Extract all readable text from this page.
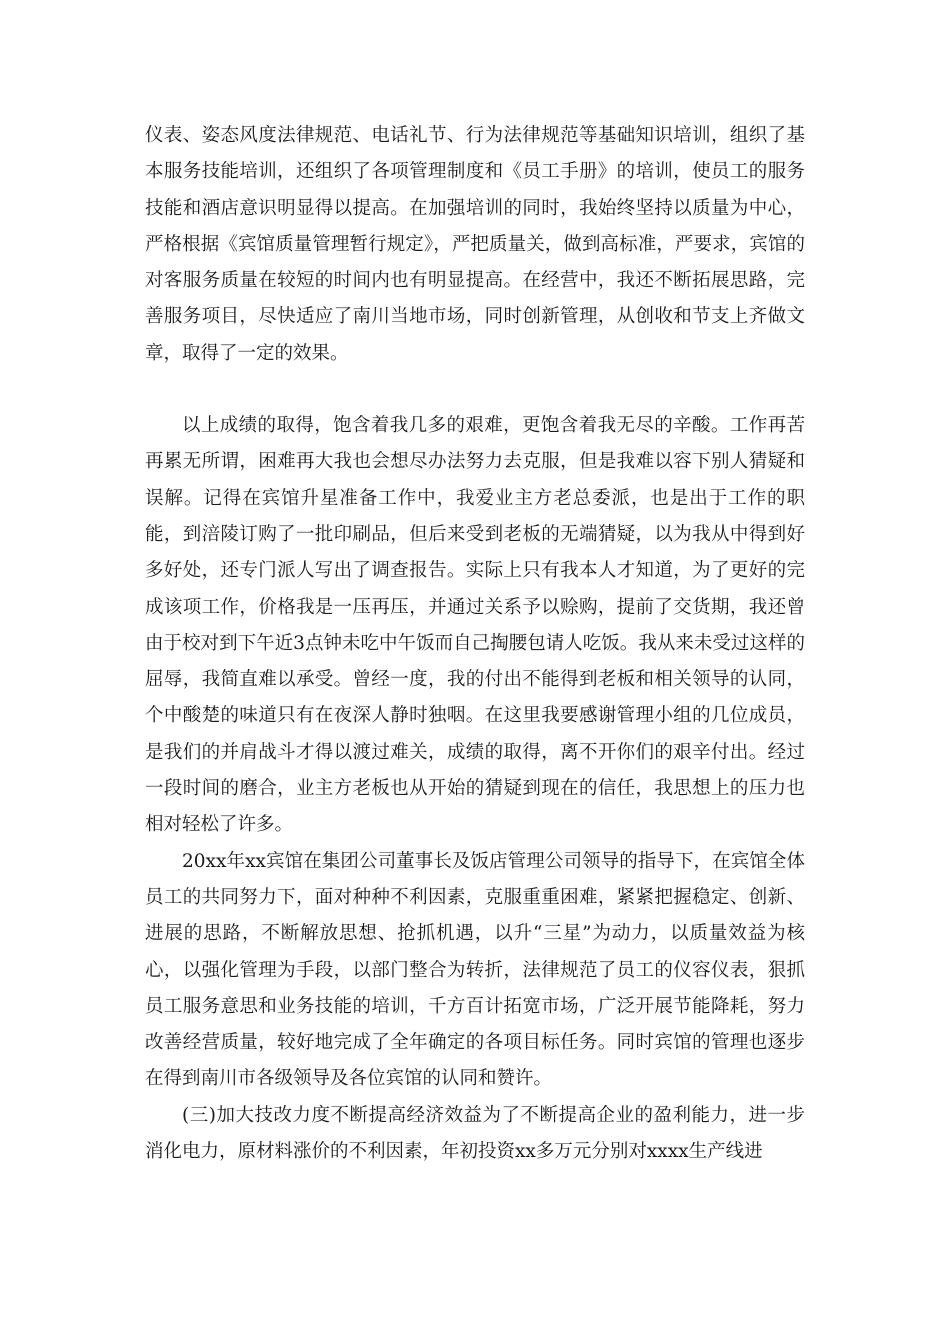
仪表、姿态风度法律规范、电话礼节、行为法律规范等基础知识培训，组织了基本服务技能培训，还组织了各项管理制度和《员工手册》的培训，使员工的服务技能和酒店意识明显得以提高。在加强培训的同时，我始终坚持以质量为中心，严格根据《宾馆质量管理暂行规定》，严把质量关，做到高标准，严要求，宾馆的对客服务质量在较短的时间内也有明显提高。在经营中，我还不断拓展思路，完善服务项目，尽快适应了南川当地市场，同时创新管理，从创收和节支上齐做文章，取得了一定的效果。

以上成绩的取得，饱含着我几多的艰难，更饱含着我无尽的辛酸。工作再苦再累无所谓，困难再大我也会想尽办法努力去克服，但是我难以容下别人猜疑和误解。记得在宾馆升星准备工作中，我爱业主方老总委派，也是出于工作的职能，到涪陵订购了一批印刷品，但后来受到老板的无端猜疑，以为我从中得到好多好处，还专门派人写出了调查报告。实际上只有我本人才知道，为了更好的完成该项工作，价格我是一压再压，并通过关系予以赊购，提前了交货期，我还曾由于校对到下午近3点钟未吃中午饭而自己掏腰包请人吃饭。我从来未受过这样的屈辱，我简直难以承受。曾经一度，我的付出不能得到老板和相关领导的认同，个中酸楚的味道只有在夜深人静时独咽。在这里我要感谢管理小组的几位成员，是我们的并肩战斗才得以渡过难关，成绩的取得，离不开你们的艰辛付出。经过一段时间的磨合，业主方老板也从开始的猜疑到现在的信任，我思想上的压力也相对轻松了许多。

20xx年xx宾馆在集团公司董事长及饭店管理公司领导的指导下，在宾馆全体员工的共同努力下，面对种种不利因素，克服重重困难，紧紧把握稳定、创新、进展的思路，不断解放思想、抢抓机遇，以升“三星”为动力，以质量效益为核心，以强化管理为手段，以部门整合为转折，法律规范了员工的仪容仪表，狠抓员工服务意思和业务技能的培训，千方百计拓宽市场，广泛开展节能降耗，努力改善经营质量，较好地完成了全年确定的各项目标任务。同时宾馆的管理也逐步在得到南川市各级领导及各位宾馆的认同和赞许。

(三)加大技改力度不断提高经济效益为了不断提高企业的盈利能力，进一步消化电力，原材料涨价的不利因素，年初投资xx多万元分别对xxxx生产线进
